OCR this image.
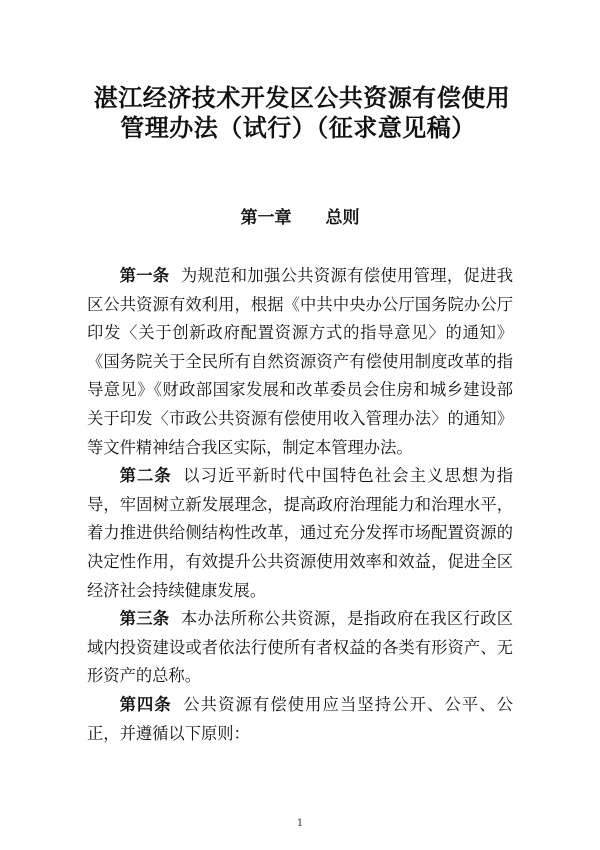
湛江经济技术开发区公共资源有偿使用
管理办法（试行）（征求意见稿）
第一章　　总则

第一条 为规范和加强公共资源有偿使用管理，促进我区公共资源有效利用，根据《中共中央办公厅国务院办公厅印发〈关于创新政府配置资源方式的指导意见〉的通知》《国务院关于全民所有自然资源资产有偿使用制度改革的指导意见》《财政部国家发展和改革委员会住房和城乡建设部关于印发〈市政公共资源有偿使用收入管理办法〉的通知》等文件精神结合我区实际，制定本管理办法。

第二条 以习近平新时代中国特色社会主义思想为指导，牢固树立新发展理念，提高政府治理能力和治理水平，着力推进供给侧结构性改革，通过充分发挥市场配置资源的决定性作用，有效提升公共资源使用效率和效益，促进全区经济社会持续健康发展。

第三条 本办法所称公共资源，是指政府在我区行政区域内投资建设或者依法行使所有者权益的各类有形资产、无形资产的总称。

第四条 公共资源有偿使用应当坚持公开、公平、公正，并遵循以下原则：

1
